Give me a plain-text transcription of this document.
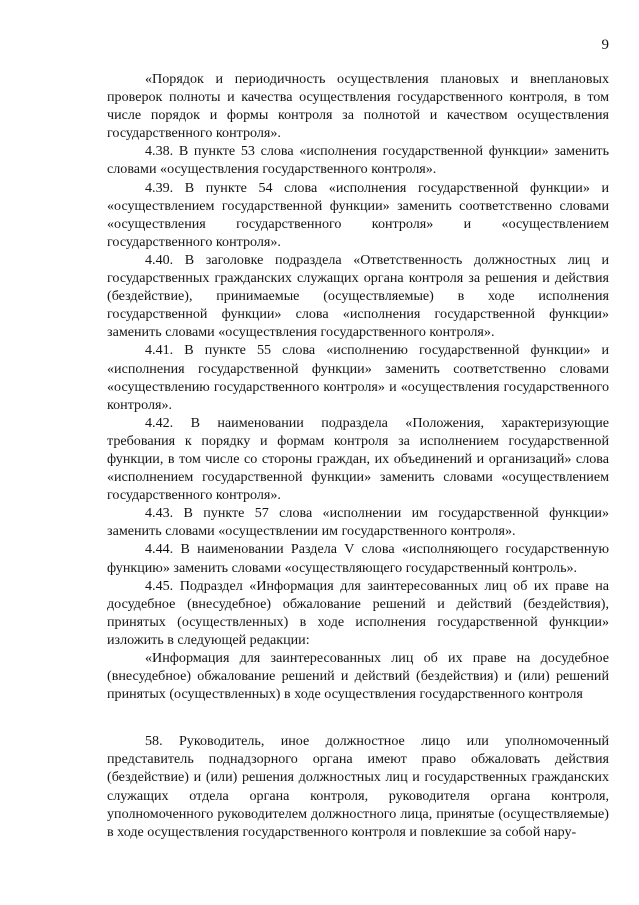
9

«Порядок и периодичность осуществления плановых и внеплановых проверок полноты и качества осуществления государственного контроля, в том числе порядок и формы контроля за полнотой и качеством осуществления государственного контроля».

4.38. В пункте 53 слова «исполнения государственной функции» заменить словами «осуществления государственного контроля».

4.39. В пункте 54 слова «исполнения государственной функции» и «осуществлением государственной функции» заменить соответственно словами «осуществления государственного контроля» и «осуществлением государственного контроля».

4.40. В заголовке подраздела «Ответственность должностных лиц и государственных гражданских служащих органа контроля за решения и действия (бездействие), принимаемые (осуществляемые) в ходе исполнения государственной функции» слова «исполнения государственной функции» заменить словами «осуществления государственного контроля».

4.41. В пункте 55 слова «исполнению государственной функции» и «исполнения государственной функции» заменить соответственно словами «осуществлению государственного контроля» и «осуществления государственного контроля».

4.42. В наименовании подраздела «Положения, характеризующие требования к порядку и формам контроля за исполнением государственной функции, в том числе со стороны граждан, их объединений и организаций» слова «исполнением государственной функции» заменить словами «осуществлением государственного контроля».

4.43. В пункте 57 слова «исполнении им государственной функции» заменить словами «осуществлении им государственного контроля».

4.44. В наименовании Раздела V слова «исполняющего государственную функцию» заменить словами «осуществляющего государственный контроль».

4.45. Подраздел «Информация для заинтересованных лиц об их праве на досудебное (внесудебное) обжалование решений и действий (бездействия), принятых (осуществленных) в ходе исполнения государственной функции» изложить в следующей редакции:

«Информация для заинтересованных лиц об их праве на досудебное (внесудебное) обжалование решений и действий (бездействия) и (или) решений принятых (осуществленных) в ходе осуществления государственного контроля

58. Руководитель, иное должностное лицо или уполномоченный представитель поднадзорного органа имеют право обжаловать действия (бездействие) и (или) решения должностных лиц и государственных гражданских служащих отдела органа контроля, руководителя органа контроля, уполномоченного руководителем должностного лица, принятые (осуществляемые) в ходе осуществления государственного контроля и повлекшие за собой нару-
